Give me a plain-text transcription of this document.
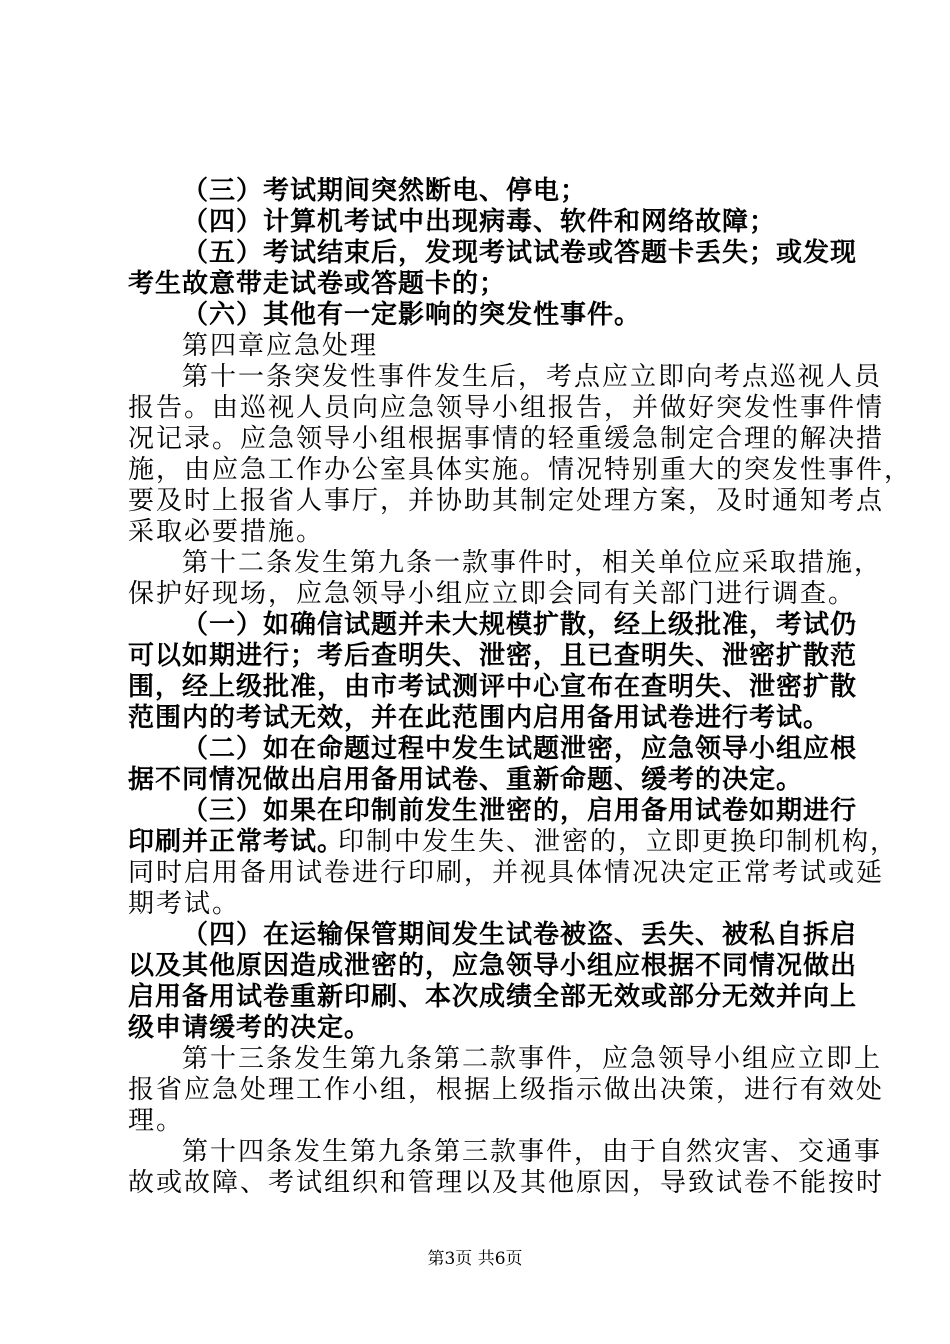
（三）考试期间突然断电、停电；
（四）计算机考试中出现病毒、软件和网络故障；
（五）考试结束后，发现考试试卷或答题卡丢失；或发现
考生故意带走试卷或答题卡的；
（六）其他有一定影响的突发性事件。
第四章应急处理
第十一条突发性事件发生后，考点应立即向考点巡视人员
报告。由巡视人员向应急领导小组报告，并做好突发性事件情
况记录。应急领导小组根据事情的轻重缓急制定合理的解决措
施，由应急工作办公室具体实施。情况特别重大的突发性事件，
要及时上报省人事厅，并协助其制定处理方案，及时通知考点
采取必要措施。
第十二条发生第九条一款事件时，相关单位应采取措施，
保护好现场，应急领导小组应立即会同有关部门进行调查。
（一）如确信试题并未大规模扩散，经上级批准，考试仍
可以如期进行；考后查明失、泄密，且已查明失、泄密扩散范
围，经上级批准，由市考试测评中心宣布在查明失、泄密扩散
范围内的考试无效，并在此范围内启用备用试卷进行考试。
（二）如在命题过程中发生试题泄密，应急领导小组应根
据不同情况做出启用备用试卷、重新命题、缓考的决定。
（三）如果在印制前发生泄密的，启用备用试卷如期进行
印刷并正常考试。
印制中发生失、泄密的，立即更换印制机构，
同时启用备用试卷进行印刷，并视具体情况决定正常考试或延
期考试。
（四）在运输保管期间发生试卷被盗、丢失、被私自拆启
以及其他原因造成泄密的，应急领导小组应根据不同情况做出
启用备用试卷重新印刷、本次成绩全部无效或部分无效并向上
级申请缓考的决定。
第十三条发生第九条第二款事件，应急领导小组应立即上
报省应急处理工作小组，根据上级指示做出决策，进行有效处
理。
第十四条发生第九条第三款事件，由于自然灾害、交通事
故或故障、考试组织和管理以及其他原因，导致试卷不能按时
第3页 共6页
